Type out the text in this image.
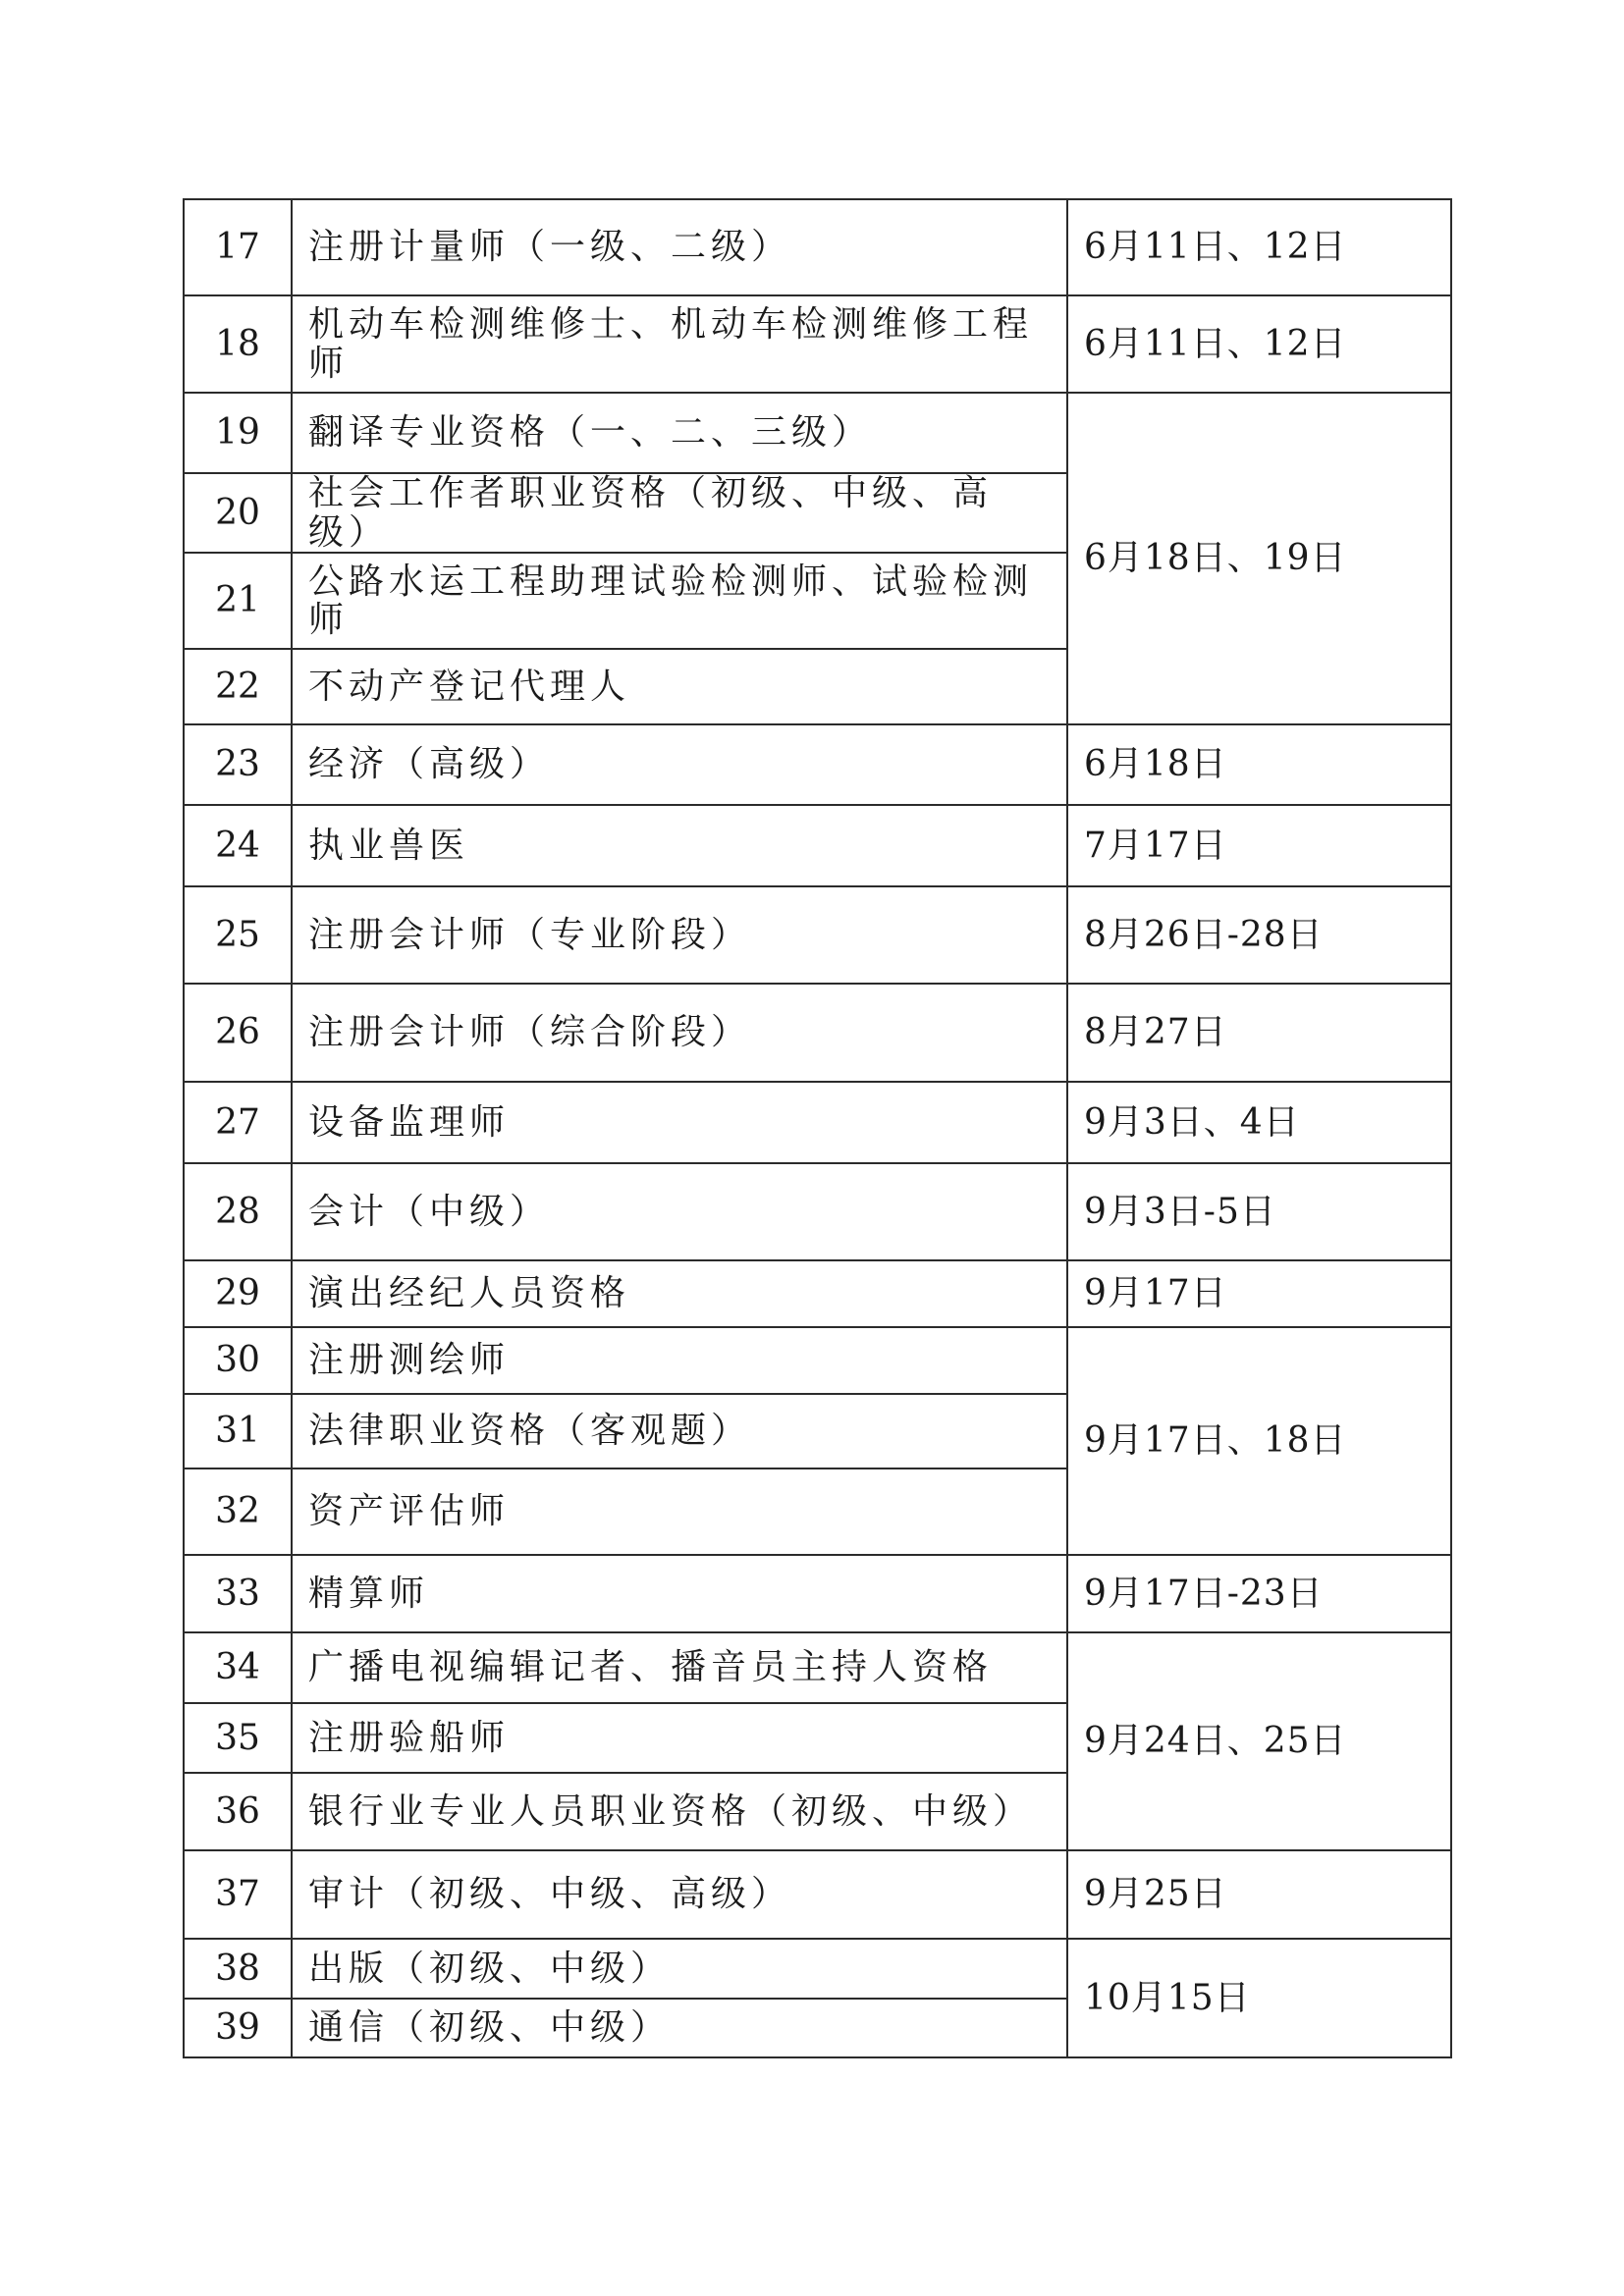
17	注册计量师（一级、二级）	6月11日、12日
18	机动车检测维修士、机动车检测维修工程师	6月11日、12日
19	翻译专业资格（一、二、三级）	6月18日、19日
20	社会工作者职业资格（初级、中级、高级）	
21	公路水运工程助理试验检测师、试验检测师	
22	不动产登记代理人	
23	经济（高级）	6月18日
24	执业兽医	7月17日
25	注册会计师（专业阶段）	8月26日-28日
26	注册会计师（综合阶段）	8月27日
27	设备监理师	9月3日、4日
28	会计（中级）	9月3日-5日
29	演出经纪人员资格	9月17日
30	注册测绘师	9月17日、18日
31	法律职业资格（客观题）	
32	资产评估师	
33	精算师	9月17日-23日
34	广播电视编辑记者、播音员主持人资格	9月24日、25日
35	注册验船师	
36	银行业专业人员职业资格（初级、中级）	
37	审计（初级、中级、高级）	9月25日
38	出版（初级、中级）	10月15日
39	通信（初级、中级）	
